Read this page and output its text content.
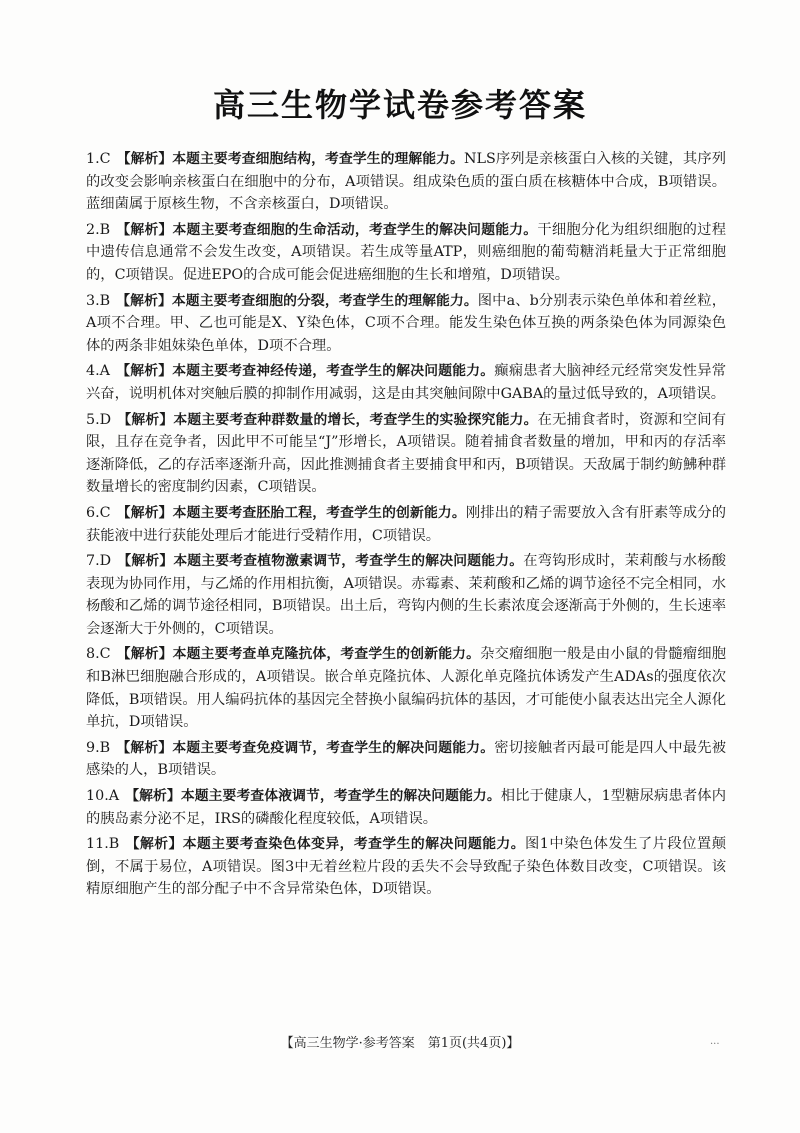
高三生物学试卷参考答案
1.C 【解析】本题主要考查细胞结构，考查学生的理解能力。NLS序列是亲核蛋白入核的关键，其序列的改变会影响亲核蛋白在细胞中的分布，A项错误。组成染色质的蛋白质在核糖体中合成，B项错误。蓝细菌属于原核生物，不含亲核蛋白，D项错误。
2.B 【解析】本题主要考查细胞的生命活动，考查学生的解决问题能力。干细胞分化为组织细胞的过程中遗传信息通常不会发生改变，A项错误。若生成等量ATP，则癌细胞的葡萄糖消耗量大于正常细胞的，C项错误。促进EPO的合成可能会促进癌细胞的生长和增殖，D项错误。
3.B 【解析】本题主要考查细胞的分裂，考查学生的理解能力。图中a、b分别表示染色单体和着丝粒，A项不合理。甲、乙也可能是X、Y染色体，C项不合理。能发生染色体互换的两条染色体为同源染色体的两条非姐妹染色单体，D项不合理。
4.A 【解析】本题主要考查神经传递，考查学生的解决问题能力。癫痫患者大脑神经元经常突发性异常兴奋，说明机体对突触后膜的抑制作用减弱，这是由其突触间隙中GABA的量过低导致的，A项错误。
5.D 【解析】本题主要考查种群数量的增长，考查学生的实验探究能力。在无捕食者时，资源和空间有限，且存在竞争者，因此甲不可能呈“J”形增长，A项错误。随着捕食者数量的增加，甲和丙的存活率逐渐降低，乙的存活率逐渐升高，因此推测捕食者主要捕食甲和丙，B项错误。天敌属于制约鲂鮄种群数量增长的密度制约因素，C项错误。
6.C 【解析】本题主要考查胚胎工程，考查学生的创新能力。刚排出的精子需要放入含有肝素等成分的获能液中进行获能处理后才能进行受精作用，C项错误。
7.D 【解析】本题主要考查植物激素调节，考查学生的解决问题能力。在弯钩形成时，茉莉酸与水杨酸表现为协同作用，与乙烯的作用相抗衡，A项错误。赤霉素、茉莉酸和乙烯的调节途径不完全相同，水杨酸和乙烯的调节途径相同，B项错误。出土后，弯钩内侧的生长素浓度会逐渐高于外侧的，生长速率会逐渐大于外侧的，C项错误。
8.C 【解析】本题主要考查单克隆抗体，考查学生的创新能力。杂交瘤细胞一般是由小鼠的骨髓瘤细胞和B淋巴细胞融合形成的，A项错误。嵌合单克隆抗体、人源化单克隆抗体诱发产生ADAs的强度依次降低，B项错误。用人编码抗体的基因完全替换小鼠编码抗体的基因，才可能使小鼠表达出完全人源化单抗，D项错误。
9.B 【解析】本题主要考查免疫调节，考查学生的解决问题能力。密切接触者丙最可能是四人中最先被感染的人，B项错误。
10.A 【解析】本题主要考查体液调节，考查学生的解决问题能力。相比于健康人，1型糖尿病患者体内的胰岛素分泌不足，IRS的磷酸化程度较低，A项错误。
11.B 【解析】本题主要考查染色体变异，考查学生的解决问题能力。图1中染色体发生了片段位置颠倒，不属于易位，A项错误。图3中无着丝粒片段的丢失不会导致配子染色体数目改变，C项错误。该精原细胞产生的部分配子中不含异常染色体，D项错误。
【高三生物学·参考答案　第1页(共4页)】	...
